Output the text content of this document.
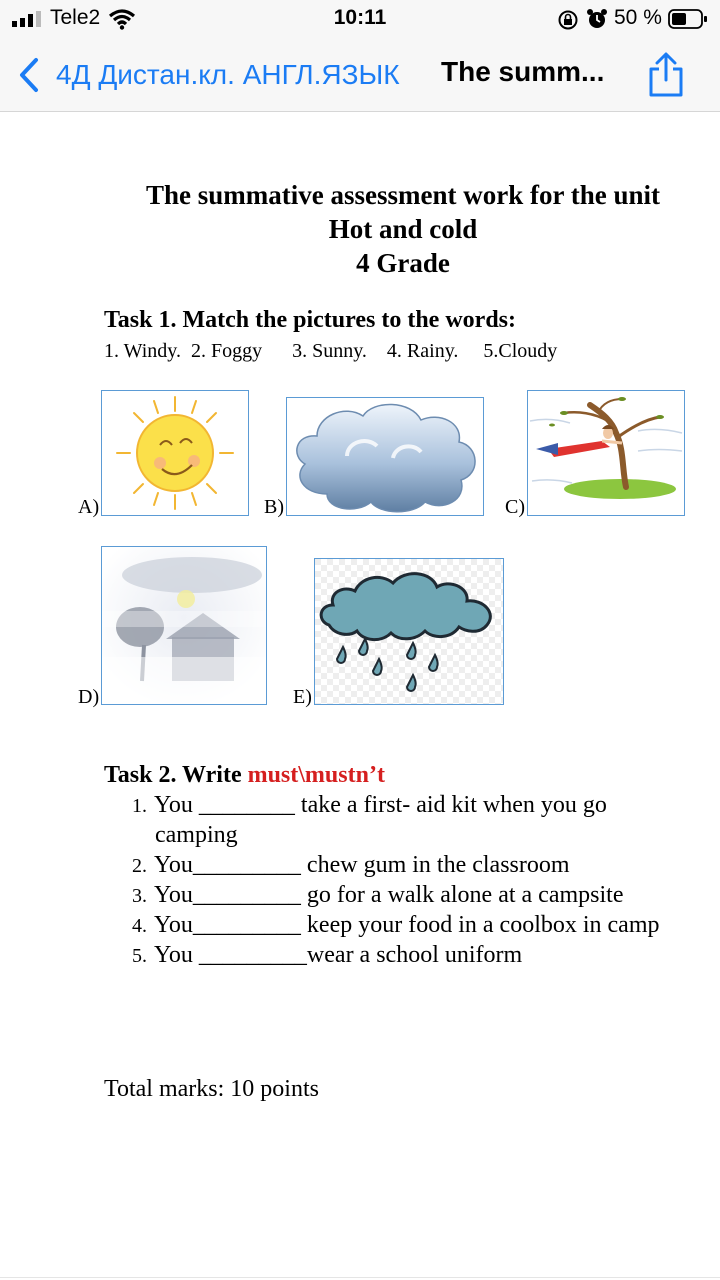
Tele2	10:11	50 %
4Д Дистан.кл. АНГЛ.ЯЗЫК The summ...
The summative assessment work for the unit
Hot and cold
4 Grade
Task 1. Match the pictures to the words:
1. Windy.  2. Foggy      3. Sunny.    4. Rainy.     5.Cloudy
A)	B)	C)
D)	E)
Task 2. Write must\mustn’t
1. You ________ take a first- aid kit when you go
camping
2. You_________ chew gum in the classroom
3. You_________ go for a walk alone at a campsite
4. You_________ keep your food in a coolbox in camp
5. You _________wear a school uniform
Total marks: 10 points
